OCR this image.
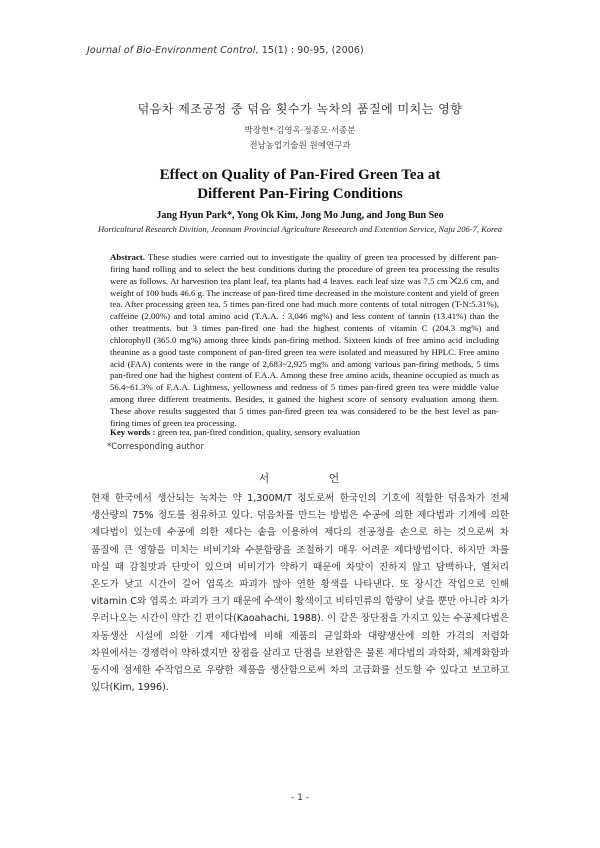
Journal of Bio-Environment Control, 15(1) : 90-95, (2006)
덖음차 제조공정 중 덖음 횟수가 녹차의 품질에 미치는 영향
박장현*·김영옥·정종모·서종분
전남농업기술원 원예연구과
Effect on Quality of Pan-Fired Green Tea at
Different Pan-Firing Conditions
Jang Hyun Park*, Yong Ok Kim, Jong Mo Jung, and Jong Bun Seo
Horticultural Research Divition, Jeonnam Provincial Agriculture Reseearch and Extention Service, Naju 206-7, Korea
Abstract. These studies were carried out to investigate the quality of green tea processed by different pan-firing hand rolling and to select the best conditions during the procedure of green tea processing the results were as follows. At harvestion tea plant leaf, tea plants had 4 leaves. each leaf size was 7.5 cm ⨉2.6 cm, and weight of 100 buds 46.6 g. The increase of pan-fired time decreased in the moisture content and yield of green tea. After processing green tea, 5 times pan-fired one had much more contents of total nitrogen (T-N:5.31%), caffeine (2.00%) and total amino acid (T.A.A. : 3,046 mg%) and less content of tannin (13.41%) than the other treatments. but 3 times pan-fired one had the highest contents of vitamin C (204.3 mg%) and chlorophyll (365.0 mg%) among three kinds pan-firing method. Sixteen kinds of free amino acid including theanine as a good taste component of pan-fired green tea were isolated and measured by HPLC. Free amino acid (FAA) contents were in the range of 2,683~2,925 mg% and among various pan-firing methods, 5 tims pan-fired one had the highest content of F.A.A. Among these free amino acids, theanine occupied as much as 56.4~61.3% of F.A.A. Lightness, yellowness and redness of 5 times pan-fired green tea were middle value among three different treatments. Besides, it gained the highest score of sensory evaluation among them. These above results suggested that 5 times pan-fired green tea was considered to be the best level as pan-firing times of green tea processing.
Key words : green tea, pan-fired condition, quality, sensory evaluation
*Corresponding author
서	언
현재 한국에서 생산되는 녹차는 약 1,300M/T 정도로써 한국인의 기호에 적합한 덖음차가 전체
생산량의 75% 정도를 점유하고 있다. 덖음차를 만드는 방법은 수공에 의한 제다법과 기계에 의한
제다법이 있는데 수공에 의한 제다는 솥을 이용하여 제다의 전공정을 손으로 하는 것으로써 차
품질에 큰 영향을 미치는 비비기와 수분함량을 조절하기 매우 어려운 제다방법이다. 하지만 차를
마실 때 감칠맛과 단맛이 있으며 비비기가 약하기 때문에 차맛이 진하지 않고 담백하나, 열처리
온도가 낮고 시간이 길어 엽록소 파괴가 많아 연한 황색을 나타낸다. 또 장시간 작업으로 인해
vitamin C와 엽록소 파괴가 크기 때문에 수색이 황색이고 비타민류의 함량이 낮을 뿐만 아니라 차가
우러나오는 시간이 약간 긴 편이다(Kaoahachi, 1988). 이 같은 장단점을 가지고 있는 수공제다법은
자동생산 시설에 의한 기계 제다법에 비해 제품의 균일화와 대량생산에 의한 가격의 저렴화
차원에서는 경쟁력이 약하겠지만 장점을 살리고 단점을 보완함은 물론 제다법의 과학화, 체계화함과
동시에 섬세한 수작업으로 우량한 제품을 생산함으로써 차의 고급화를 선도할 수 있다고 보고하고
있다(Kim, 1996).
- 1 -
